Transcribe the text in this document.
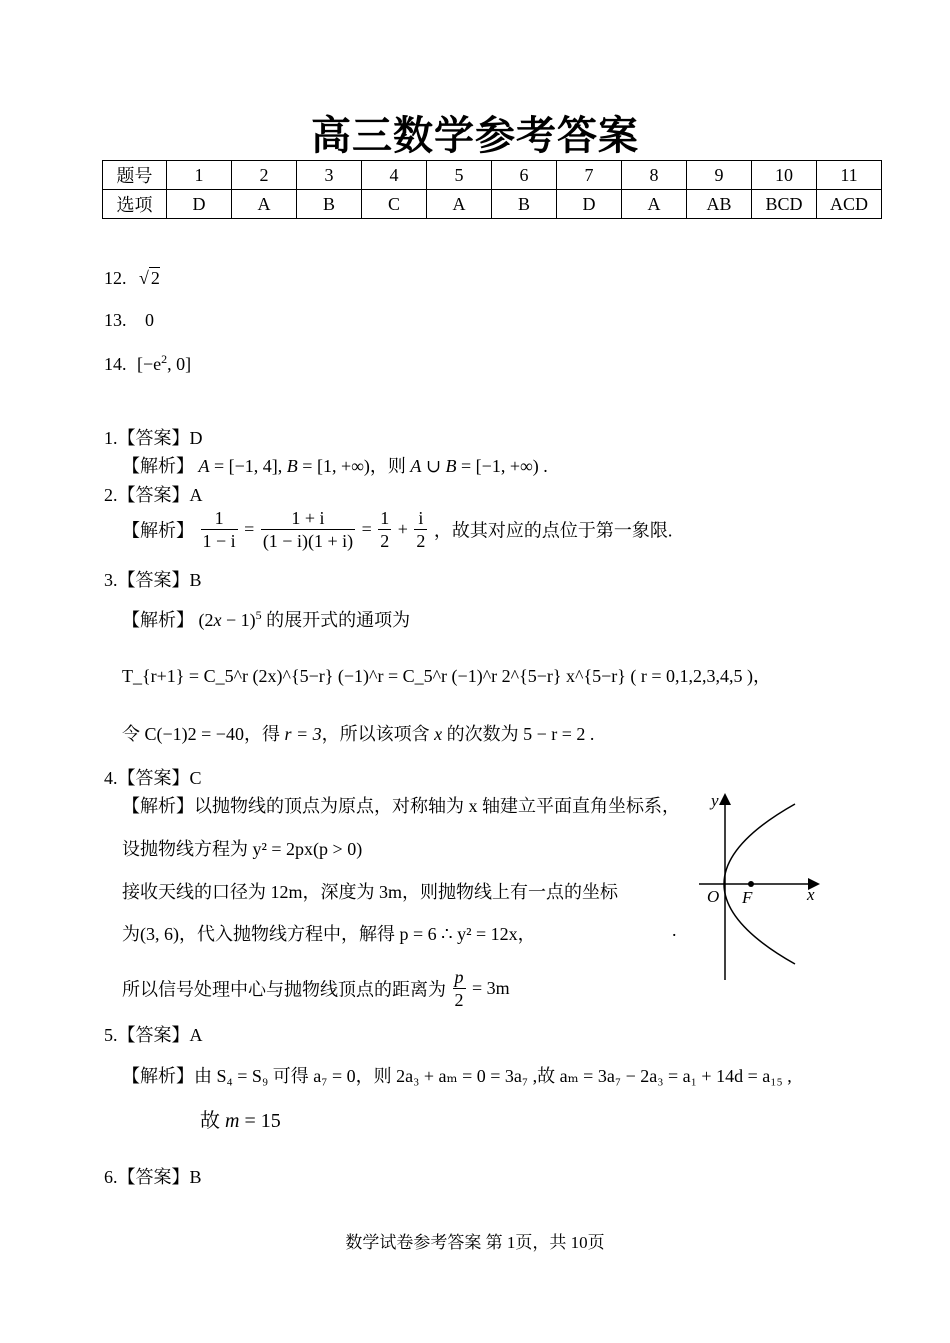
高三数学参考答案
题号	1	2	3	4	5	6	7	8	9	10	11
选项	D	A	B	C	A	B	D	A	AB	BCD	ACD
12. √ 2
13. 0
14. [$-e^2$, 0]
1.【答案】D
【解析】 A = [−1, 4], B = [1, +∞)，则 A ∪ B = [−1, +∞) .
2.【答案】A
【解析】 $\frac{1}{1 - i} = \frac{1 + i}{(1 - i)(1 + i)} = \frac{1}{2} + \frac{i}{2}$ ，故其对应的点位于第一象限.
3.【答案】B
【解析】 $(2x - 1)^5$ 的展开式的通项为
T_{r+1} = C_5^r (2x)^{5−r} (−1)^r = C_5^r (−1)^r 2^{5−r} x^{5−r} ( r = 0,1,2,3,4,5 )，
令 C(−1)2 = −40，得 r = 3，所以该项含 x 的次数为 5 − r = 2 .
4.【答案】C
【解析】以抛物线的顶点为原点，对称轴为 x 轴建立平面直角坐标系，
设抛物线方程为 y² = 2px(p > 0)
接收天线的口径为 12m，深度为 3m，则抛物线上有一点的坐标
为(3, 6)，代入抛物线方程中，解得 p = 6 ∴ y² = 12x，	.
所以信号处理中心与抛物线顶点的距离为 $\frac{p}{2} = 3m$
y
x
O F
5.【答案】A
【解析】由 S₄ = S₉ 可得 a₇ = 0，则 2a₃ + aₘ = 0 = 3a₇ ,故 aₘ = 3a₇ − 2a₃ = a₁ + 14d = a₁₅ ,
故 m = 15
6.【答案】B
数学试卷参考答案 第 1页，共 10页
